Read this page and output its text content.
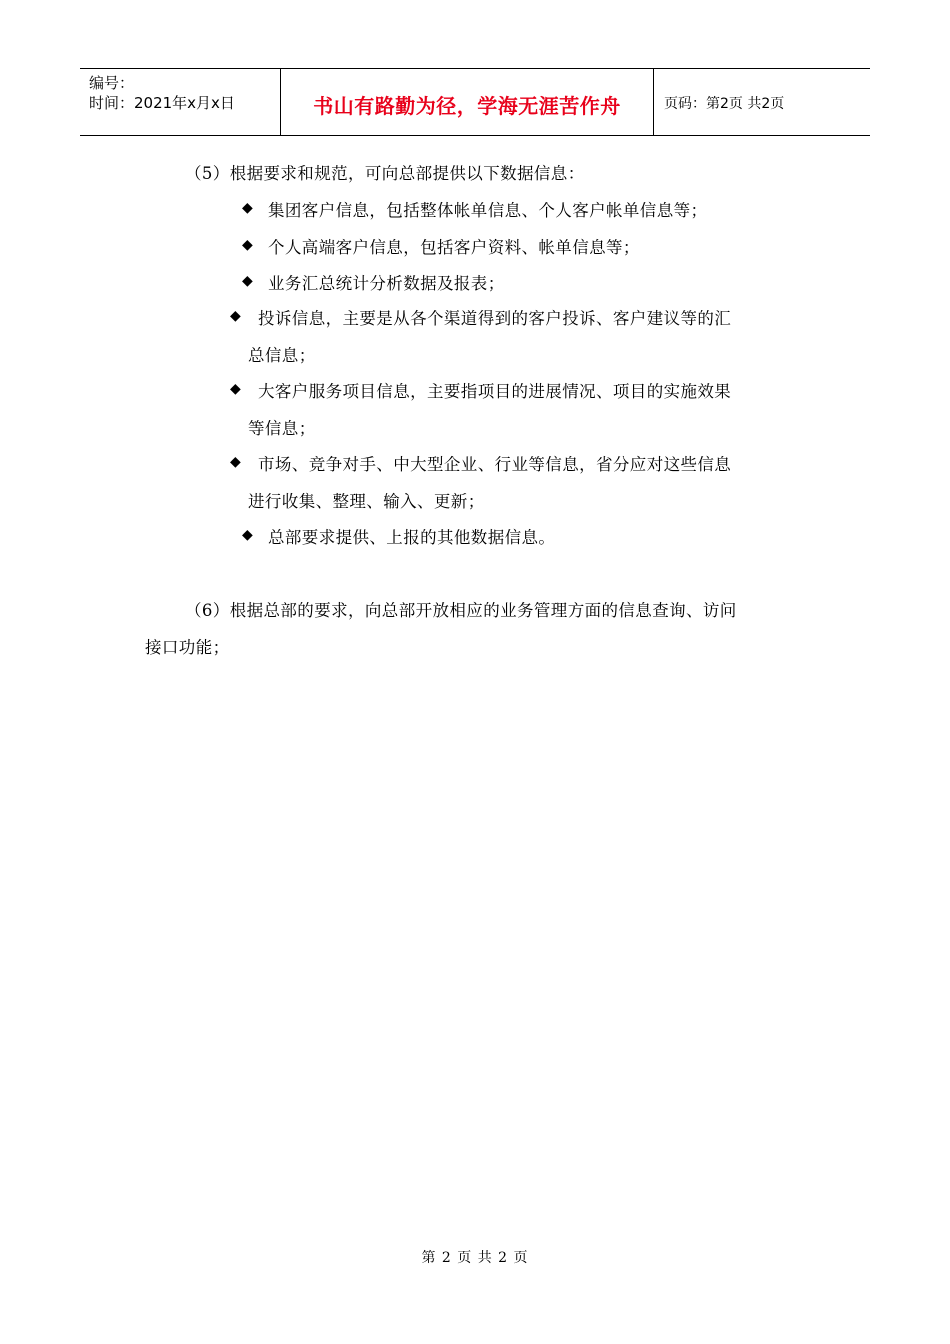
编号：
时间：2021年x月x日	书山有路勤为径，学海无涯苦作舟	页码：第2页 共2页
（5）根据要求和规范，可向总部提供以下数据信息：
◆ 集团客户信息，包括整体帐单信息、个人客户帐单信息等；
◆ 个人高端客户信息，包括客户资料、帐单信息等；
◆ 业务汇总统计分析数据及报表；
◆ 投诉信息，主要是从各个渠道得到的客户投诉、客户建议等的汇
总信息；
◆ 大客户服务项目信息，主要指项目的进展情况、项目的实施效果
等信息；
◆ 市场、竞争对手、中大型企业、行业等信息，省分应对这些信息
进行收集、整理、输入、更新；
◆ 总部要求提供、上报的其他数据信息。
（6）根据总部的要求，向总部开放相应的业务管理方面的信息查询、访问
接口功能；
第 2 页 共 2 页
